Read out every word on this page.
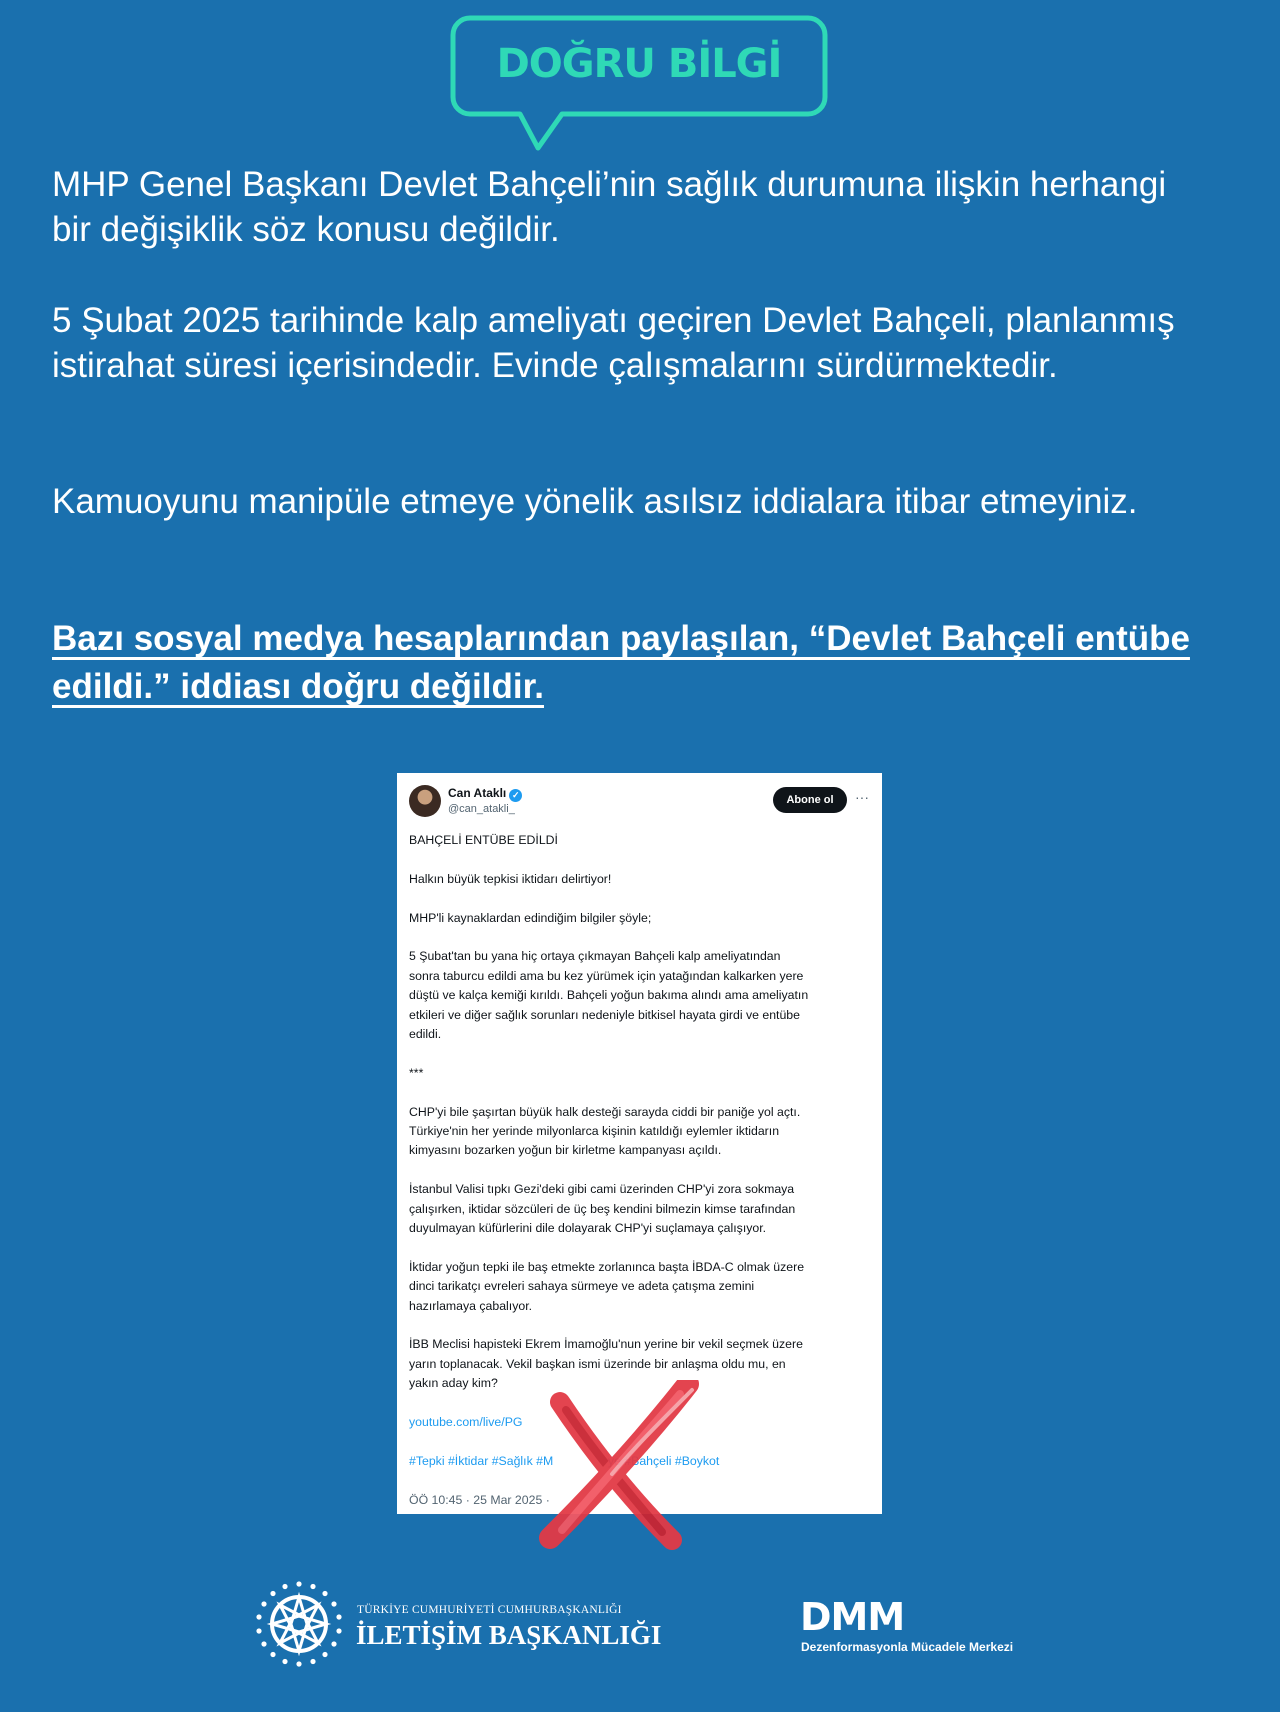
DOĞRU BİLGİ

MHP Genel Başkanı Devlet Bahçeli’nin sağlık durumuna ilişkin herhangi bir değişiklik söz konusu değildir.

5 Şubat 2025 tarihinde kalp ameliyatı geçiren Devlet Bahçeli, planlanmış istirahat süresi içerisindedir. Evinde çalışmalarını sürdürmektedir.

Kamuoyunu manipüle etmeye yönelik asılsız iddialara itibar etmeyiniz.

Bazı sosyal medya hesaplarından paylaşılan, “Devlet Bahçeli entübe edildi.” iddiası doğru değildir.

Can Ataklı ✓
@can_atakli_
Abone ol	···

BAHÇELİ ENTÜBE EDİLDİ

Halkın büyük tepkisi iktidarı delirtiyor!

MHP'li kaynaklardan edindiğim bilgiler şöyle;

5 Şubat'tan bu yana hiç ortaya çıkmayan Bahçeli kalp ameliyatından
sonra taburcu edildi ama bu kez yürümek için yatağından kalkarken yere
düştü ve kalça kemiği kırıldı. Bahçeli yoğun bakıma alındı ama ameliyatın
etkileri ve diğer sağlık sorunları nedeniyle bitkisel hayata girdi ve entübe
edildi.

***

CHP'yi bile şaşırtan büyük halk desteği sarayda ciddi bir paniğe yol açtı.
Türkiye'nin her yerinde milyonlarca kişinin katıldığı eylemler iktidarın
kimyasını bozarken yoğun bir kirletme kampanyası açıldı.

İstanbul Valisi tıpkı Gezi'deki gibi cami üzerinden CHP'yi zora sokmaya
çalışırken, iktidar sözcüleri de üç beş kendini bilmezin kimse tarafından
duyulmayan küfürlerini dile dolayarak CHP'yi suçlamaya çalışıyor.

İktidar yoğun tepki ile baş etmekte zorlanınca başta İBDA-C olmak üzere
dinci tarikatçı evreleri sahaya sürmeye ve adeta çatışma zemini
hazırlamaya çabalıyor.

İBB Meclisi hapisteki Ekrem İmamoğlu'nun yerine bir vekil seçmek üzere
yarın toplanacak. Vekil başkan ismi üzerinde bir anlaşma oldu mu, en
yakın aday kim?

youtube.com/live/PG

#Tepki #İktidar #Sağlık #M                ye #Bahçeli #Boykot

ÖÖ 10:45 · 25 Mar 2025 ·

TÜRKİYE CUMHURİYETİ CUMHURBAŞKANLIĞI
İLETİŞİM BAŞKANLIĞI	DMM
Dezenformasyonla Mücadele Merkezi
